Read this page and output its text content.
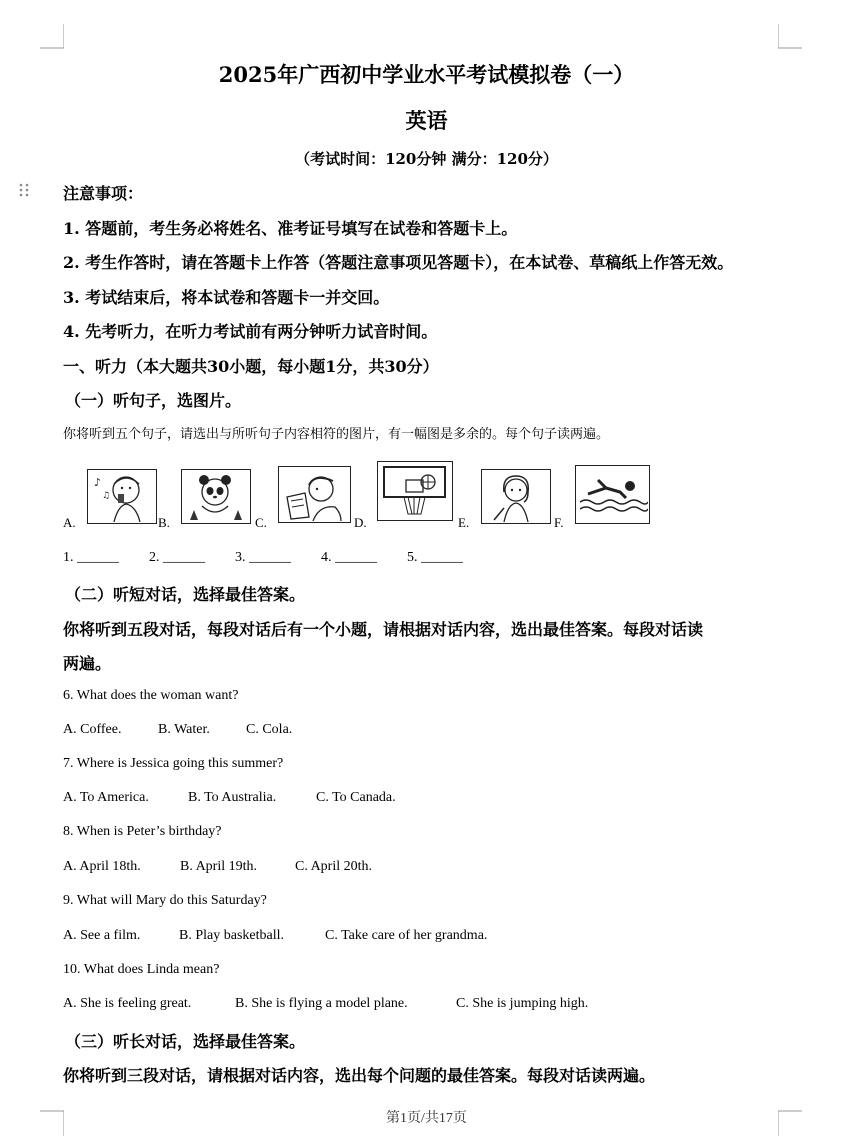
2025年广西初中学业水平考试模拟卷（一）
英语
（考试时间：120分钟 满分：120分）
注意事项：
1. 答题前，考生务必将姓名、准考证号填写在试卷和答题卡上。
2. 考生作答时，请在答题卡上作答（答题注意事项见答题卡），在本试卷、草稿纸上作答无效。
3. 考试结束后，将本试卷和答题卡一并交回。
4. 先考听力，在听力考试前有两分钟听力试音时间。
一、听力（本大题共30小题，每小题1分，共30分）
（一）听句子，选图片。
你将听到五个句子，请选出与所听句子内容相符的图片，有一幅图是多余的。每个句子读两遍。
A.
♪
♫
B.	C.	D.	E.	F.
1. ______ 2. ______ 3. ______ 4. ______ 5. ______
（二）听短对话，选择最佳答案。
你将听到五段对话，每段对话后有一个小题，请根据对话内容，选出最佳答案。每段对话读
两遍。
6. What does the woman want?
A. Coffee.	B. Water.	C. Cola.
7. Where is Jessica going this summer?
A. To America.	B. To Australia.	C. To Canada.
8. When is Peter’s birthday?
A. April 18th.	B. April 19th.	C. April 20th.
9. What will Mary do this Saturday?
A. See a film.	B. Play basketball.	C. Take care of her grandma.
10. What does Linda mean?
A. She is feeling great.	B. She is flying a model plane.	C. She is jumping high.
（三）听长对话，选择最佳答案。
你将听到三段对话，请根据对话内容，选出每个问题的最佳答案。每段对话读两遍。
第1页/共17页
